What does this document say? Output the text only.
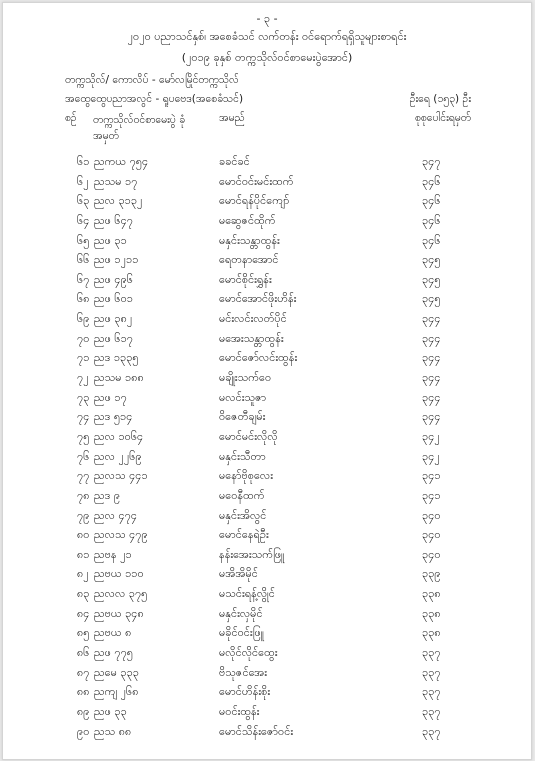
- ၃ -
၂၀၂၀ ပညာသင်နှစ်၊ အစေခံသင် လက်တန်း ဝင်ရောက်ရရှိသူများစာရင်း
(၂၀၁၉ ခုနှစ် တက္ကသိုလ်ဝင်စာမေးပွဲအောင်)
တက္ကသိုလ်/ ကောလိပ် - မော်လမြိုင်တက္ကသိုလ်
အထွေထွေပညာအလွင် - ရူပဗေဒ(အစေခံသင်)	ဦးရေ (၁၅၃) ဦး
စဉ် တက္ကသိုလ်ဝင်စာမေးပွဲ ခုံအမှတ်
အမည်	စုစုပေါင်းရမှတ်
၆၁ ညကယ ၇၅၄	ခခင်ခင်	၃၄၇
၆၂ ညသမ ၁၇	မောင်ဝင်းမင်းထက်	၃၄၆
၆၃ ညလ ၃၁၃၂	မောင်ရန်ပိုင်ကျော်	၃၄၆
၆၄ ညဖ ၆၄၇	မဆွေဇင်ထိုက်	၃၄၆
၆၅ ညဖ ၃၁	မနှင်းသန္တာထွန်း	၃၄၆
၆၆ ညဖ ၁၂၁၁	ရေတနာအောင်	၃၄၅
၆၇ ညဖ ၄၉၆	မောင်စိုင်းရွှန်း	၃၄၅
၆၈ ညဖ ၆၀၁	မောင်အောင်ဖိုးဟိန်း	၃၄၅
၆၉ ညဖ ၃၈၂	မင်းလင်းလတ်ပိုင်	၃၄၄
၇၀ ညဖ ၆၁၇	မအေးသန္တာထွန်း	၃၄၄
၇၁ ညဒ ၁၃၃၅	မောင်ဇော်လင်းထွန်း	၃၄၄
၇၂ ညသမ ၁၈၈	မချိုးသက်ဝေ	၃၄၄
၇၃ ညဖ ၁၇	မလင်းသူဇာ	၃၄၄
၇၄ ညဒ ၅၁၄	ဝိဇေတီချမ်း	၃၄၄
၇၅ ညလ ၁၀၆၄	မောင်မင်းလိုလို	၃၄၂
၇၆ ညလ ၂၂၆၉	မနှင်းသီတာ	၃၄၂
၇၇ ညလသ ၄၄၁	မနော်ဗိုစုလေး	၃၄၁
၇၈ ညဒ ၉	မဝေနီထက်	၃၄၁
၇၉ ညလ ၄၇၄	မနှင်းအိလွင်	၃၄၀
၈၀ ညလသ ၄၇၉	မောင်နေရဲဦး	၃၄၀
၈၁ ညဗန ၂၁	နန်းအေးသက်ဖြူ	၃၄၀
၈၂ ညဗယ ၁၁၀	မအိအိမိုင်	၃၃၉
၈၃ ညလလ ၃၇၅	မသင်းရန့်လွိုင်	၃၃၈
၈၄ ညဗယ ၃၄၈	မနှင်းလှမိုင်	၃၃၈
၈၅ ညဗယ ၈	မခိုင်ဝင်းဖြူ	၃၃၈
၈၆ ညဖ ၇၇၅	မလိုင်လိုင်ထွေး	၃၃၇
၈၇ ညမေ ၃၃၃	ဗိသုဇင်အေး	၃၃၇
၈၈ ညကျ ၂၆၈	မောင်ဟိန်းစိုး	၃၃၇
၈၉ ညဖ ၃၃	မဝင်းထွန်း	၃၃၇
၉၀ ညသ ၈၈	မောင်သိန်းဇော်ဝင်း	၃၃၇
